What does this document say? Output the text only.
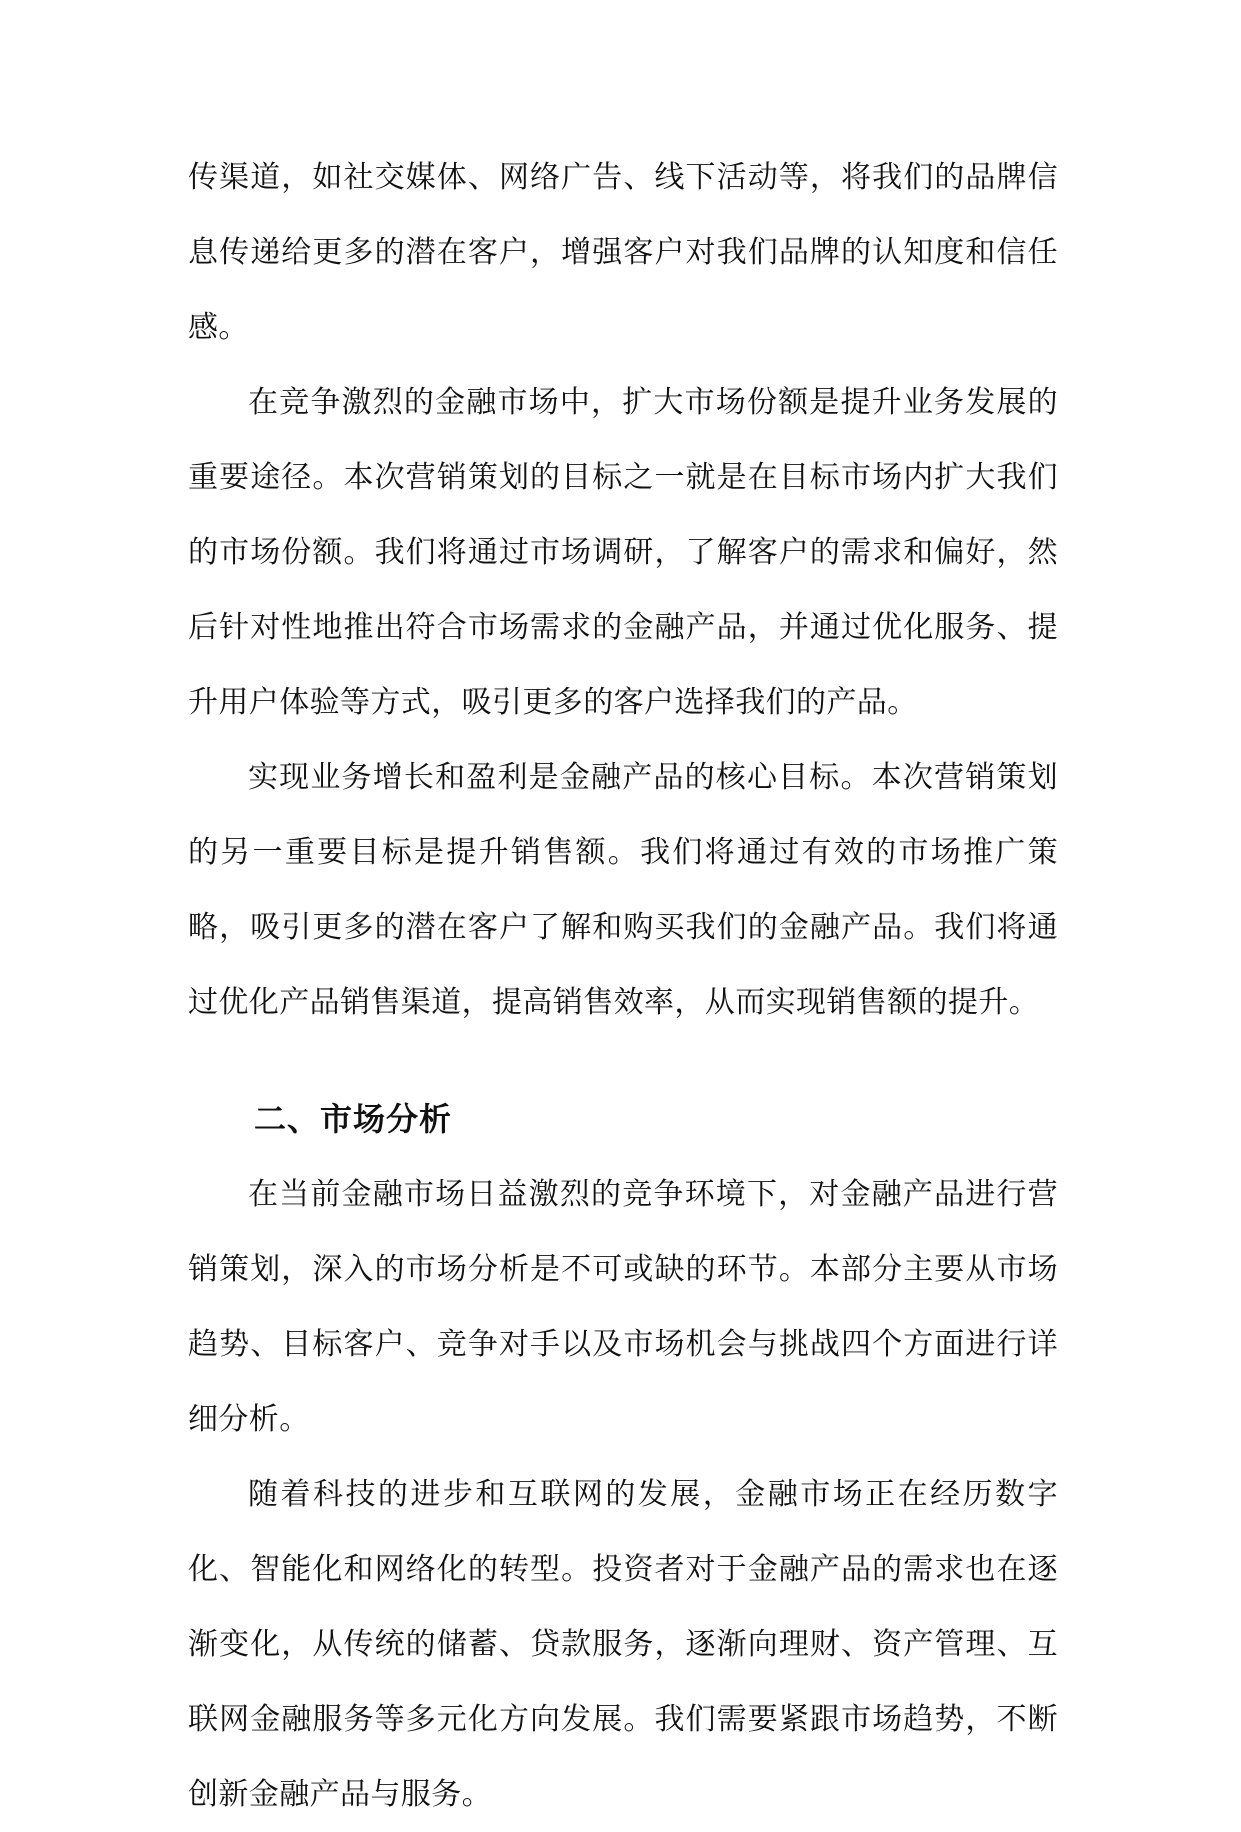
传渠道，如社交媒体、网络广告、线下活动等，将我们的品牌信息传递给更多的潜在客户，增强客户对我们品牌的认知度和信任感。

在竞争激烈的金融市场中，扩大市场份额是提升业务发展的重要途径。本次营销策划的目标之一就是在目标市场内扩大我们的市场份额。我们将通过市场调研，了解客户的需求和偏好，然后针对性地推出符合市场需求的金融产品，并通过优化服务、提升用户体验等方式，吸引更多的客户选择我们的产品。

实现业务增长和盈利是金融产品的核心目标。本次营销策划的另一重要目标是提升销售额。我们将通过有效的市场推广策略，吸引更多的潜在客户了解和购买我们的金融产品。我们将通过优化产品销售渠道，提高销售效率，从而实现销售额的提升。

二、市场分析

在当前金融市场日益激烈的竞争环境下，对金融产品进行营销策划，深入的市场分析是不可或缺的环节。本部分主要从市场趋势、目标客户、竞争对手以及市场机会与挑战四个方面进行详细分析。

随着科技的进步和互联网的发展，金融市场正在经历数字化、智能化和网络化的转型。投资者对于金融产品的需求也在逐渐变化，从传统的储蓄、贷款服务，逐渐向理财、资产管理、互联网金融服务等多元化方向发展。我们需要紧跟市场趋势，不断创新金融产品与服务。
